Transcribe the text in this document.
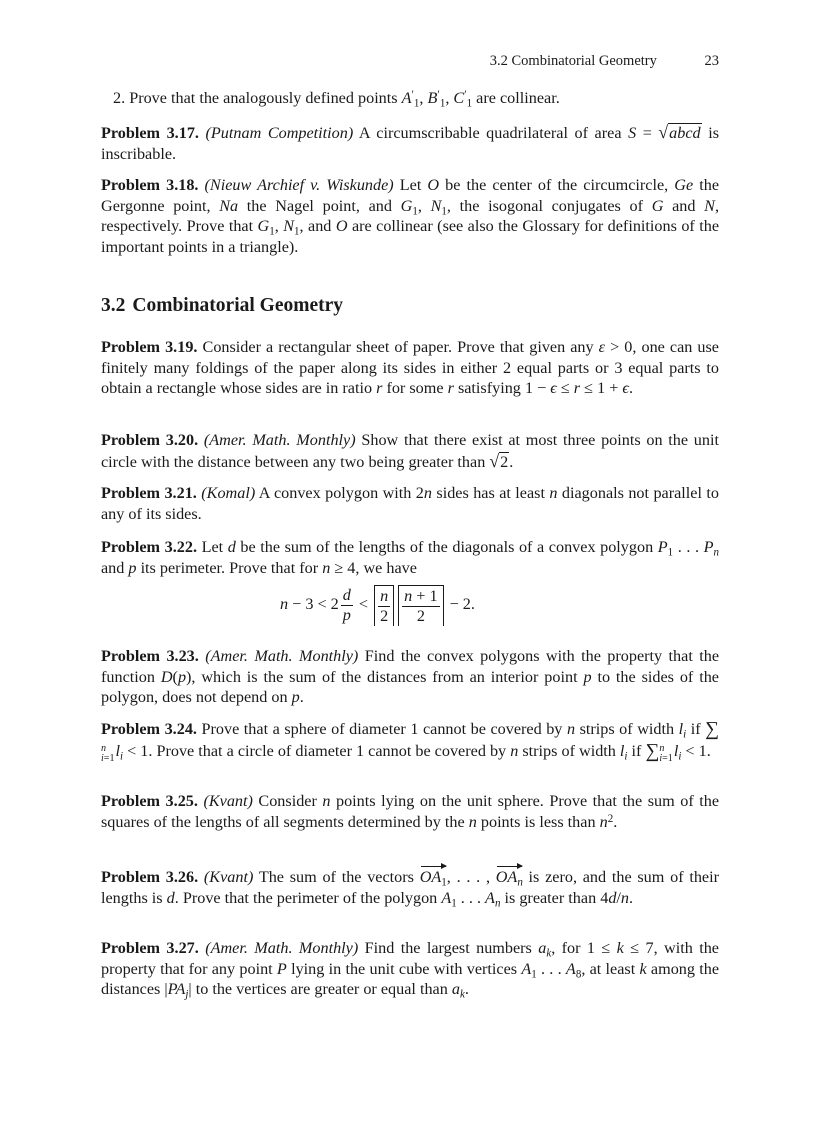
3.2 Combinatorial Geometry	23
2. Prove that the analogously defined points $A'_1$, $B'_1$, $C'_1$ are collinear.
Problem 3.17. (Putnam Competition) A circumscribable quadrilateral of area S = √abcd is inscribable.
Problem 3.18. (Nieuw Archief v. Wiskunde) Let O be the center of the circumcircle, Ge the Gergonne point, Na the Nagel point, and $G_1$, $N_1$, the isogonal conjugates of G and N, respectively. Prove that $G_1$, $N_1$, and O are collinear (see also the Glossary for definitions of the important points in a triangle).
3.2 Combinatorial Geometry
Problem 3.19. Consider a rectangular sheet of paper. Prove that given any ε > 0, one can use finitely many foldings of the paper along its sides in either 2 equal parts or 3 equal parts to obtain a rectangle whose sides are in ratio r for some r satisfying 1 − ϵ ≤ r ≤ 1 + ϵ.
Problem 3.20. (Amer. Math. Monthly) Show that there exist at most three points on the unit circle with the distance between any two being greater than √2.
Problem 3.21. (Komal) A convex polygon with 2n sides has at least n diagonals not parallel to any of its sides.
Problem 3.22. Let d be the sum of the lengths of the diagonals of a convex polygon $P_1$ . . . $P_n$ and p its perimeter. Prove that for n ≥ 4, we have
$n - 3 < 2 \frac{d}{p} < \frac{n}{2} \frac{n + 1}{2} - 2$.
Problem 3.23. (Amer. Math. Monthly) Find the convex polygons with the property that the function D(p), which is the sum of the distances from an interior point p to the sides of the polygon, does not depend on p.
Problem 3.24. Prove that a sphere of diameter 1 cannot be covered by n strips of width $l_i$ if ∑
n
i=1 $l_i < 1$. Prove that a circle of diameter 1 cannot be covered by n strips of width $l_i$ if ∑ n
i=1 $l_i < 1$.
Problem 3.25. (Kvant) Consider n points lying on the unit sphere. Prove that the sum of the squares of the lengths of all segments determined by the n points is less than $n^2$.
Problem 3.26. (Kvant) The sum of the vectors $OA_1$, . . . , $OA_n$ is zero, and the sum of their lengths is d. Prove that the perimeter of the polygon $A_1$ . . . $A_n$ is greater than 4d/n.
Problem 3.27. (Amer. Math. Monthly) Find the largest numbers $a_k$, for 1 ≤ k ≤ 7, with the property that for any point P lying in the unit cube with vertices $A_1$ . . . $A_8$, at least k among the distances $|PA_j|$ to the vertices are greater or equal than $a_k$.
